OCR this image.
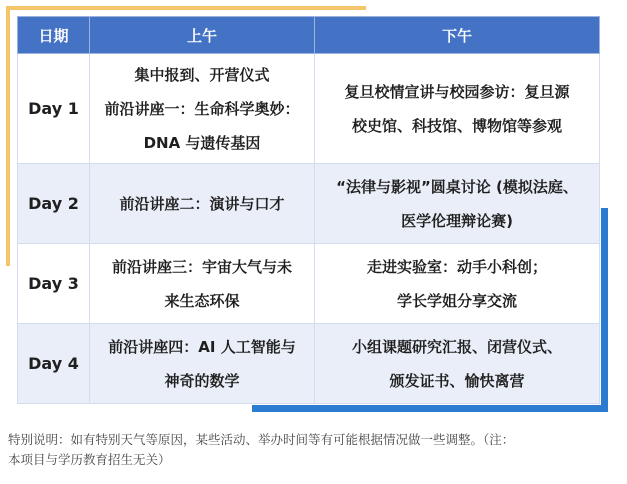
日期	上午	下午
Day 1	集中报到、开营仪式
前沿讲座一：生命科学奥妙：
DNA 与遗传基因	复旦校情宣讲与校园参访：复旦源
校史馆、科技馆、博物馆等参观

Day 2	前沿讲座二：演讲与口才	“法律与影视”圆桌讨论 (模拟法庭、
医学伦理辩论赛)

Day 3	前沿讲座三：宇宙大气与未
来生态环保	走进实验室：动手小科创；
学长学姐分享交流

Day 4	前沿讲座四：AI 人工智能与
神奇的数学	小组课题研究汇报、闭营仪式、
颁发证书、愉快离营

特别说明：如有特别天气等原因，某些活动、举办时间等有可能根据情况做一些调整。（注：
本项目与学历教育招生无关）
